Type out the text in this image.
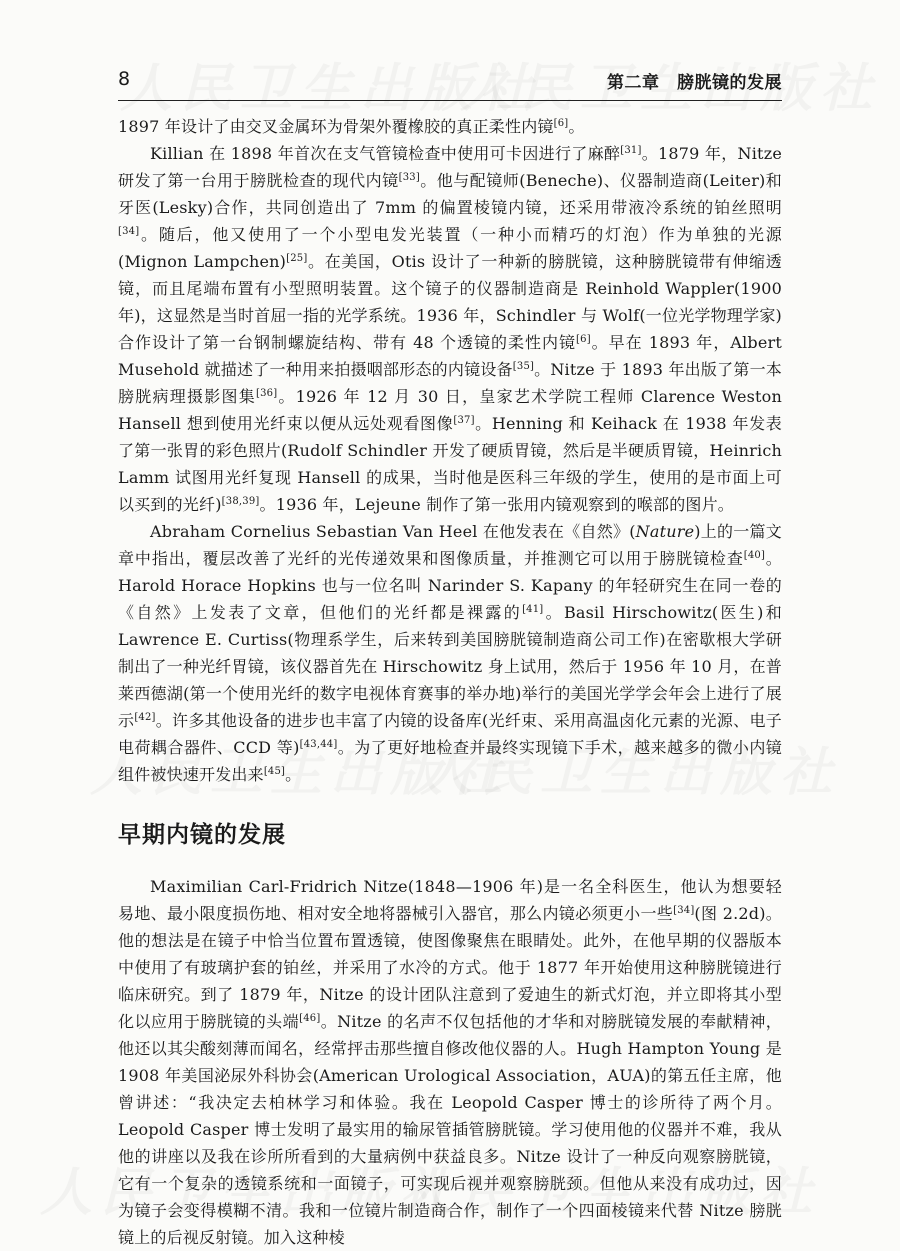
8	第二章　膀胱镜的发展

1897 年设计了由交叉金属环为骨架外覆橡胶的真正柔性内镜[6]。

Killian 在 1898 年首次在支气管镜检查中使用可卡因进行了麻醉[31]。1879 年，Nitze 研发了第一台用于膀胱检查的现代内镜[33]。他与配镜师(Beneche)、仪器制造商(Leiter)和牙医(Lesky)合作，共同创造出了 7mm 的偏置棱镜内镜，还采用带液冷系统的铂丝照明[34]。随后，他又使用了一个小型电发光装置（一种小而精巧的灯泡）作为单独的光源(Mignon Lampchen)[25]。在美国，Otis 设计了一种新的膀胱镜，这种膀胱镜带有伸缩透镜，而且尾端布置有小型照明装置。这个镜子的仪器制造商是 Reinhold Wappler(1900 年)，这显然是当时首屈一指的光学系统。1936 年，Schindler 与 Wolf(一位光学物理学家)合作设计了第一台钢制螺旋结构、带有 48 个透镜的柔性内镜[6]。早在 1893 年，Albert Musehold 就描述了一种用来拍摄咽部形态的内镜设备[35]。Nitze 于 1893 年出版了第一本膀胱病理摄影图集[36]。1926 年 12 月 30 日，皇家艺术学院工程师 Clarence Weston Hansell 想到使用光纤束以便从远处观看图像[37]。Henning 和 Keihack 在 1938 年发表了第一张胃的彩色照片(Rudolf Schindler 开发了硬质胃镜，然后是半硬质胃镜，Heinrich Lamm 试图用光纤复现 Hansell 的成果，当时他是医科三年级的学生，使用的是市面上可以买到的光纤)[38,39]。1936 年，Lejeune 制作了第一张用内镜观察到的喉部的图片。

Abraham Cornelius Sebastian Van Heel 在他发表在《自然》(Nature)上的一篇文章中指出，覆层改善了光纤的光传递效果和图像质量，并推测它可以用于膀胱镜检查[40]。Harold Horace Hopkins 也与一位名叫 Narinder S. Kapany 的年轻研究生在同一卷的《自然》上发表了文章，但他们的光纤都是裸露的[41]。Basil Hirschowitz(医生)和 Lawrence E. Curtiss(物理系学生，后来转到美国膀胱镜制造商公司工作)在密歇根大学研制出了一种光纤胃镜，该仪器首先在 Hirschowitz 身上试用，然后于 1956 年 10 月，在普莱西德湖(第一个使用光纤的数字电视体育赛事的举办地)举行的美国光学学会年会上进行了展示[42]。许多其他设备的进步也丰富了内镜的设备库(光纤束、采用高温卤化元素的光源、电子电荷耦合器件、CCD 等)[43,44]。为了更好地检查并最终实现镜下手术，越来越多的微小内镜组件被快速开发出来[45]。

早期内镜的发展

Maximilian Carl-Fridrich Nitze(1848—1906 年)是一名全科医生，他认为想要轻易地、最小限度损伤地、相对安全地将器械引入器官，那么内镜必须更小一些[34](图 2.2d)。他的想法是在镜子中恰当位置布置透镜，使图像聚焦在眼睛处。此外，在他早期的仪器版本中使用了有玻璃护套的铂丝，并采用了水冷的方式。他于 1877 年开始使用这种膀胱镜进行临床研究。到了 1879 年，Nitze 的设计团队注意到了爱迪生的新式灯泡，并立即将其小型化以应用于膀胱镜的头端[46]。Nitze 的名声不仅包括他的才华和对膀胱镜发展的奉献精神，他还以其尖酸刻薄而闻名，经常抨击那些擅自修改他仪器的人。Hugh Hampton Young 是 1908 年美国泌尿外科协会(American Urological Association，AUA)的第五任主席，他曾讲述：“我决定去柏林学习和体验。我在 Leopold Casper 博士的诊所待了两个月。Leopold Casper 博士发明了最实用的输尿管插管膀胱镜。学习使用他的仪器并不难，我从他的讲座以及我在诊所所看到的大量病例中获益良多。Nitze 设计了一种反向观察膀胱镜，它有一个复杂的透镜系统和一面镜子，可实现后视并观察膀胱颈。但他从来没有成功过，因为镜子会变得模糊不清。我和一位镜片制造商合作，制作了一个四面棱镜来代替 Nitze 膀胱镜上的后视反射镜。加入这种棱
